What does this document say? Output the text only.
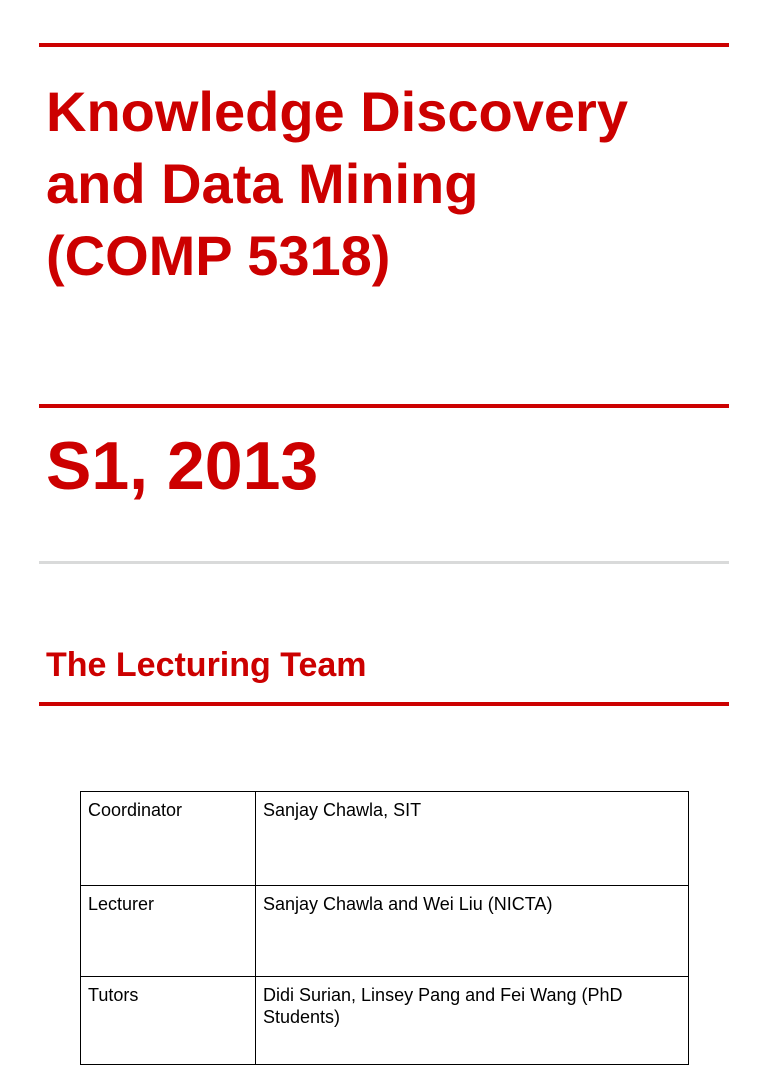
Knowledge Discovery
and Data Mining
(COMP 5318)
S1, 2013
The Lecturing Team
Coordinator	Sanjay Chawla, SIT
Lecturer	Sanjay Chawla and Wei Liu (NICTA)
Tutors	Didi Surian, Linsey Pang and Fei Wang (PhD Students)
